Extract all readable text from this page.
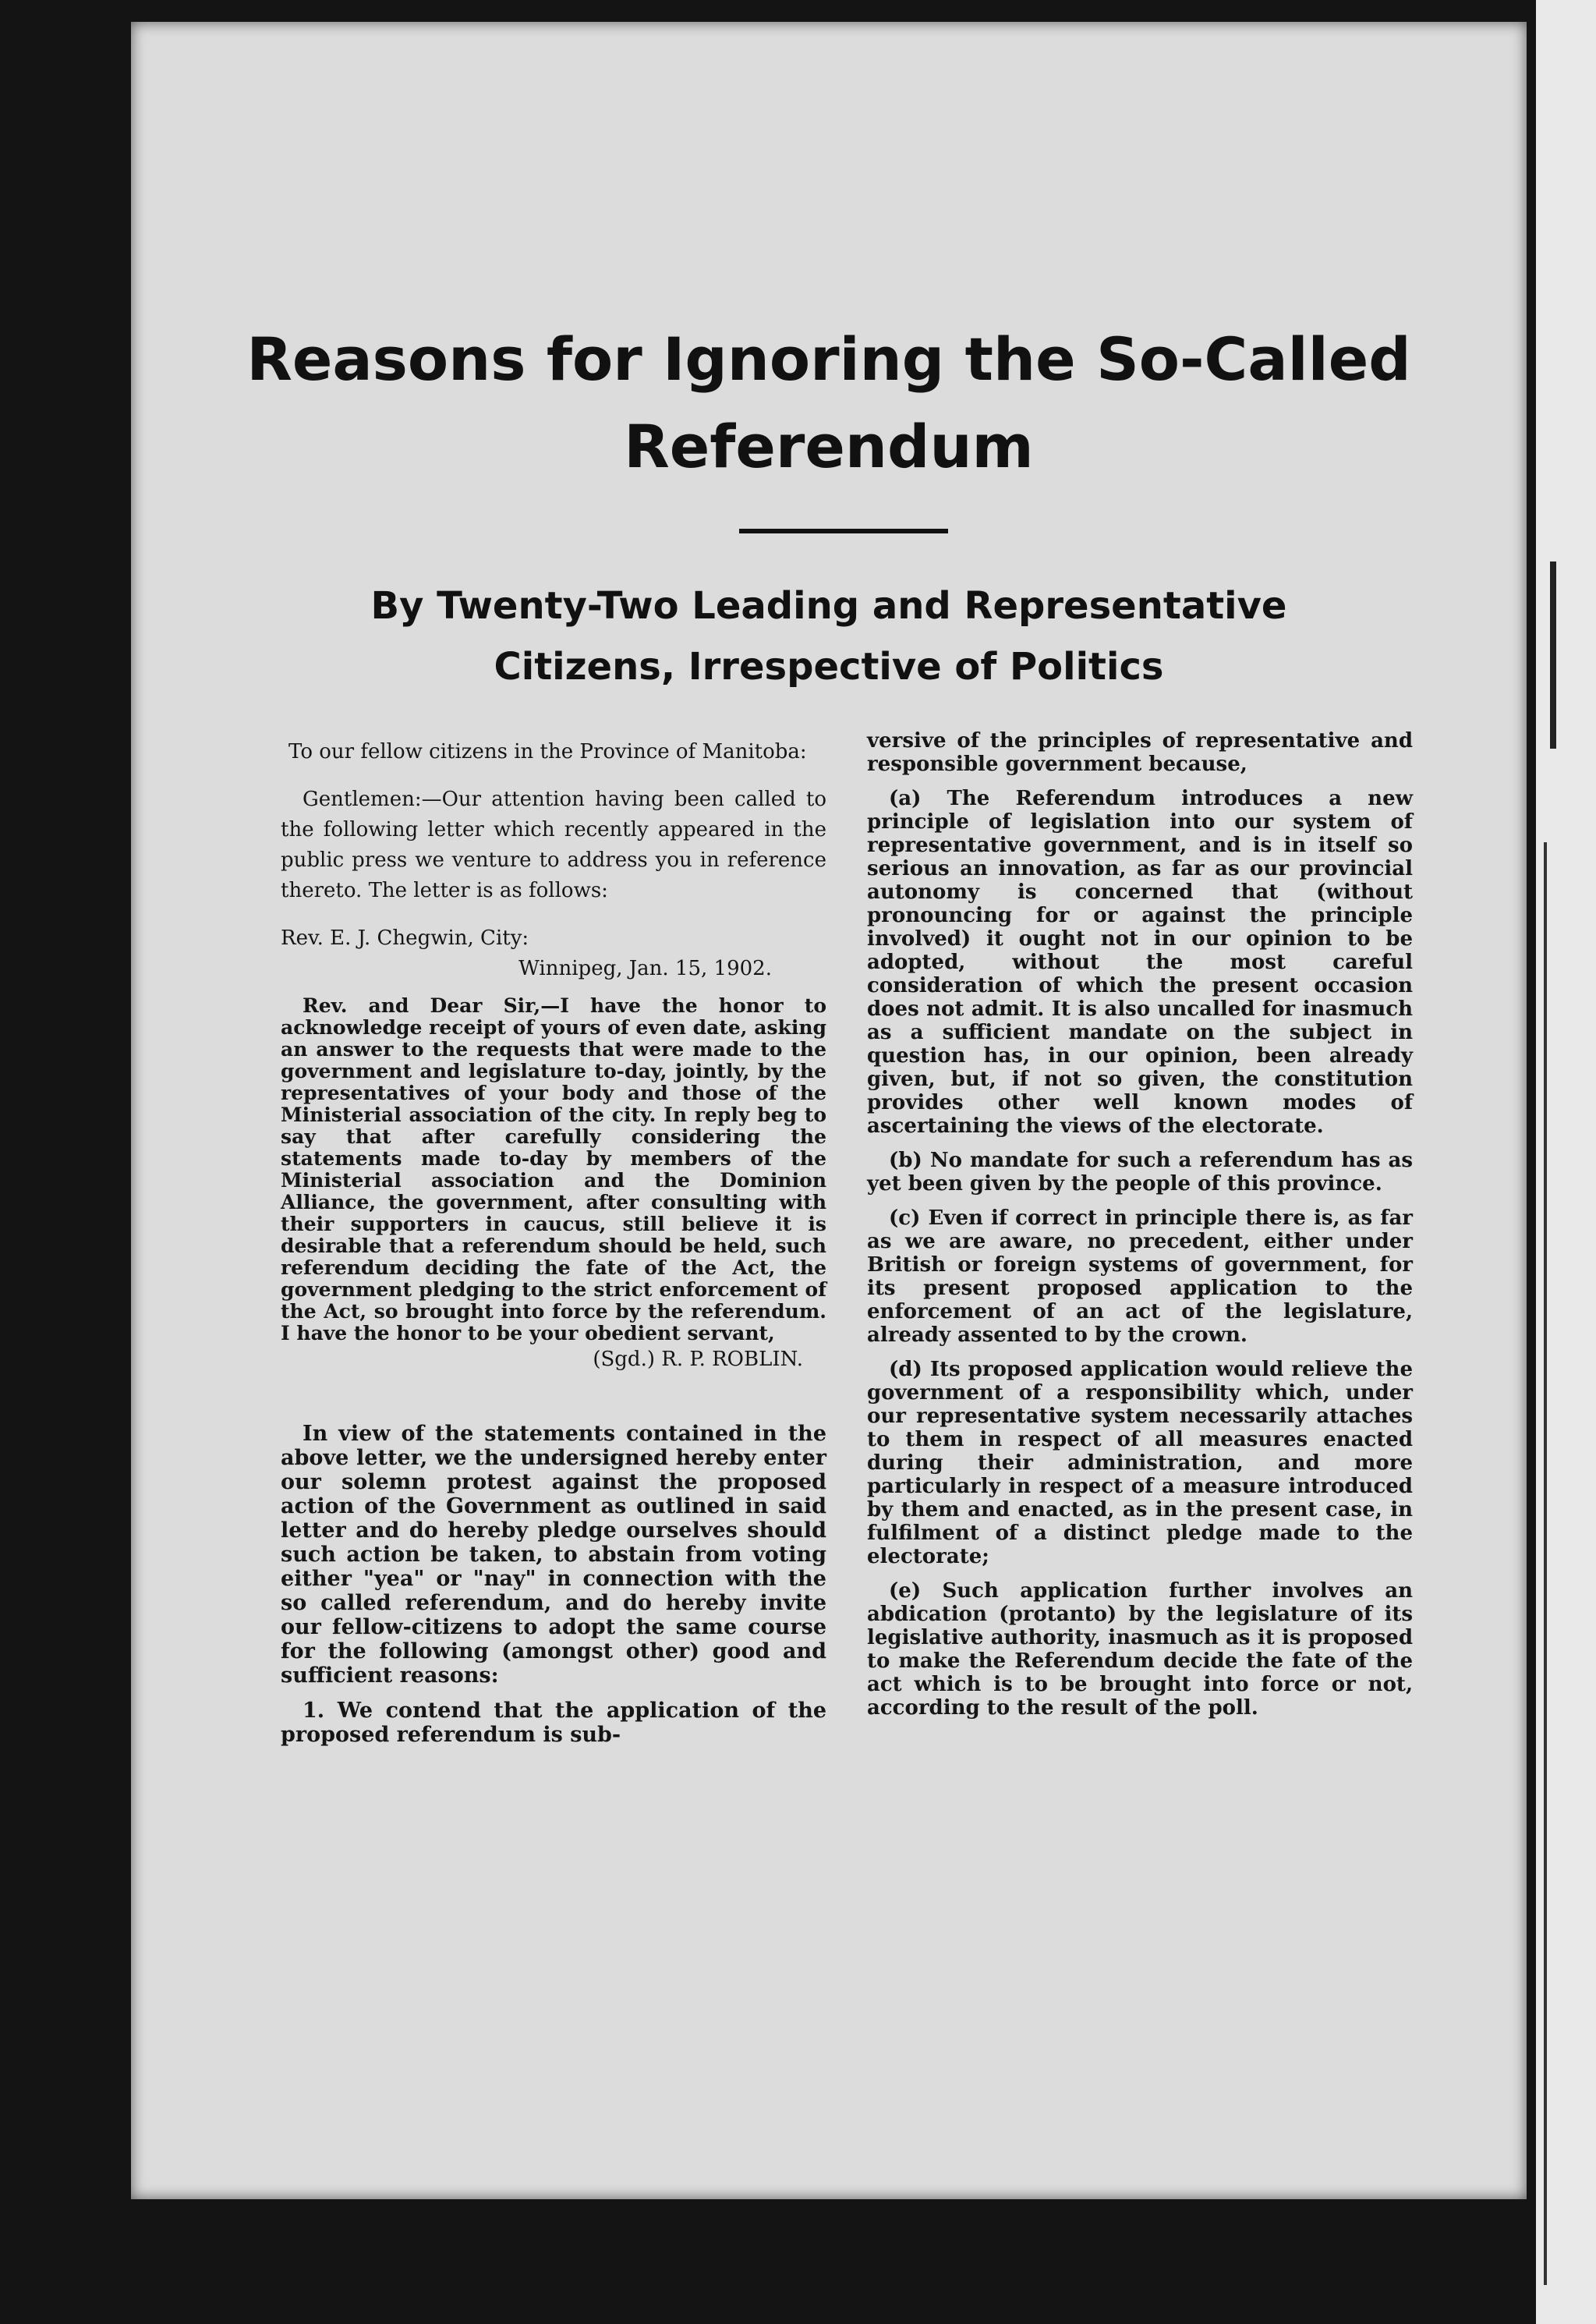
Reasons for Ignoring the So-Called
Referendum
By Twenty-Two Leading and Representative
Citizens, Irrespective of Politics

To our fellow citizens in the Province of Manitoba:

Gentlemen:—Our attention having been called to the following letter which recently appeared in the public press we venture to address you in reference thereto. The letter is as follows:

Rev. E. J. Chegwin, City:

Winnipeg, Jan. 15, 1902.

Rev. and Dear Sir,—I have the honor to acknowledge receipt of yours of even date, asking an answer to the requests that were made to the government and legislature to-day, jointly, by the representatives of your body and those of the Ministerial association of the city. In reply beg to say that after carefully considering the statements made to-day by members of the Ministerial association and the Dominion Alliance, the government, after consulting with their supporters in caucus, still believe it is desirable that a referendum should be held, such referendum deciding the fate of the Act, the government pledging to the strict enforcement of the Act, so brought into force by the referendum. I have the honor to be your obedient servant,

(Sgd.) R. P. ROBLIN.

In view of the statements contained in the above letter, we the undersigned hereby enter our solemn protest against the proposed action of the Government as outlined in said letter and do hereby pledge ourselves should such action be taken, to abstain from voting either "yea" or "nay" in connection with the so called referendum, and do hereby invite our fellow-citizens to adopt the same course for the following (amongst other) good and sufficient reasons:

1. We contend that the application of the proposed referendum is sub-

versive of the principles of representative and responsible government because,

(a) The Referendum introduces a new principle of legislation into our system of representative government, and is in itself so serious an innovation, as far as our provincial autonomy is concerned that (without pronouncing for or against the principle involved) it ought not in our opinion to be adopted, without the most careful consideration of which the present occasion does not admit. It is also uncalled for inasmuch as a sufficient mandate on the subject in question has, in our opinion, been already given, but, if not so given, the constitution provides other well known modes of ascertaining the views of the electorate.

(b) No mandate for such a referendum has as yet been given by the people of this province.

(c) Even if correct in principle there is, as far as we are aware, no precedent, either under British or foreign systems of government, for its present proposed application to the enforcement of an act of the legislature, already assented to by the crown.

(d) Its proposed application would relieve the government of a responsibility which, under our representative system necessarily attaches to them in respect of all measures enacted during their administration, and more particularly in respect of a measure introduced by them and enacted, as in the present case, in fulfilment of a distinct pledge made to the electorate;

(e) Such application further involves an abdication (protanto) by the legislature of its legislative authority, inasmuch as it is proposed to make the Referendum decide the fate of the act which is to be brought into force or not, according to the result of the poll.
